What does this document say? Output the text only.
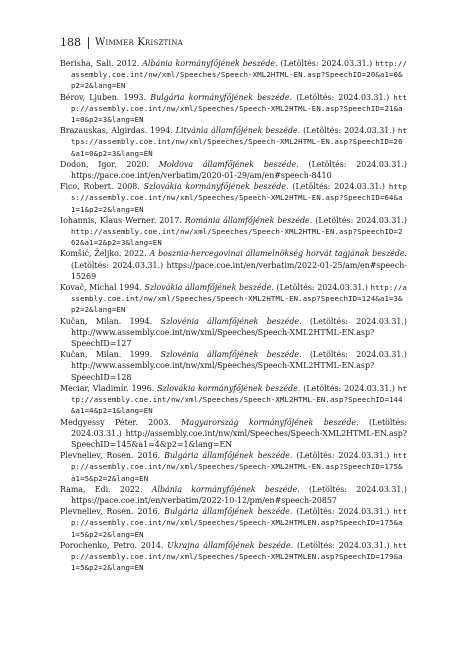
188 Wimmer Krisztina
Berisha, Sali. 2012. Albánia kormányfőjének beszéde. (Letöltés: 2024.03.31.) http://assembly.coe.int/nw/xml/Speeches/Speech-XML2HTML-EN.asp?SpeechID=20&a1=0&p2=2&lang=EN
Bérov, Ljuben. 1993. Bulgária kormányfőjének beszéde. (Letöltés: 2024.03.31.) http://assembly.coe.int/nw/xml/Speeches/Speech-XML2HTML-EN.asp?SpeechID=21&a1=0&p2=3&lang=EN
Brazauskas, Algirdas. 1994. Litvánia államfőjének beszéde. (Letöltés: 2024.03.31.) https://assembly.coe.int/nw/xml/Speeches/Speech-XML2HTML-EN.asp?SpeechID=26&a1=0&p2=3&lang=EN
Dodon, Igor. 2020. Moldova államfőjének beszéde. (Letöltés: 2024.03.31.) https://pace.coe.int/en/verbatim/2020-01-29/am/en#speech-8410
Fico, Robert. 2008. Szlovákia kormányfőjének beszéde. (Letöltés: 2024.03.31.) https://assembly.coe.int/nw/xml/Speeches/Speech-XML2HTML-EN.asp?SpeechID=64&a1=1&p2=2&lang=EN
Iohannis, Klaus Werner. 2017. Románia államfőjének beszéde. (Letöltés: 2024.03.31.) http://assembly.coe.int/nw/xml/Speeches/Speech-XML2HTML-EN.asp?SpeechID=262&a1=2&p2=3&lang=EN
Komšić, Željko. 2022. A bosznia-hercegovinai államelnökség horvát tagjának beszéde. (Letöltés: 2024.03.31.) https://pace.coe.int/en/verbatim/2022-01-25/am/en#speech-15269
Kovač, Michal 1994. Szlovákia államfőjének beszéde. (Letöltés: 2024.03.31.) http://assembly.coe.int/nw/xml/Speeches/Speech-XML2HTML-EN.asp?SpeechID=124&a1=3&p2=2&lang=EN
Kučan, Milan. 1994. Szlovénia államfőjének beszéde. (Letöltés: 2024.03.31.) http://www.assembly.coe.int/nw/xml/Speeches/Speech-XML2HTML-EN.asp?SpeechID=127
Kučan, Milan. 1999. Szlovénia államfőjének beszéde. (Letöltés: 2024.03.31.) http://www.assembly.coe.int/nw/xml/Speeches/Speech-XML2HTML-EN.asp?SpeechID=128
Meciar, Vladimír. 1996. Szlovákia kormányfőjének beszéde. (Letöltés: 2024.03.31.) http://assembly.coe.int/nw/xml/Speeches/Speech-XML2HTML-EN.asp?SpeechID=144&a1=4&p2=1&lang=EN
Medgyessy Péter. 2003. Magyarország kormányfőjének beszéde. (Letöltés: 2024.03.31.) http://assembly.coe.int/nw/xml/Speeches/Speech-XML2HTML-EN.asp?SpeechID=145&a1=4&p2=1&lang=EN
Plevneliev, Rosen. 2016. Bulgária államfőjének beszéde. (Letöltés: 2024.03.31.) http://assembly.coe.int/nw/xml/Speeches/Speech-XML2HTML-EN.asp?SpeechID=175&a1=5&p2=2&lang=EN
Rama, Edi. 2022. Albánia kormányfőjének beszéde. (Letöltés: 2024.03.31.) https://pace.coe.int/en/verbatim/2022-10-12/pm/en#speech-20857
Plevneliev, Rosen. 2016. Bulgária államfőjének beszéde. (Letöltés: 2024.03.31.) http://assembly.coe.int/nw/xml/Speeches/Speech-XML2HTMLEN.asp?SpeechID=175&a1=5&p2=2&lang=EN
Porochenko, Petro. 2014. Ukrajna államfőjének beszéde. (Letöltés: 2024.03.31.) http://assembly.coe.int/nw/xml/Speeches/Speech-XML2HTMLEN.asp?SpeechID=179&a1=5&p2=2&lang=EN
